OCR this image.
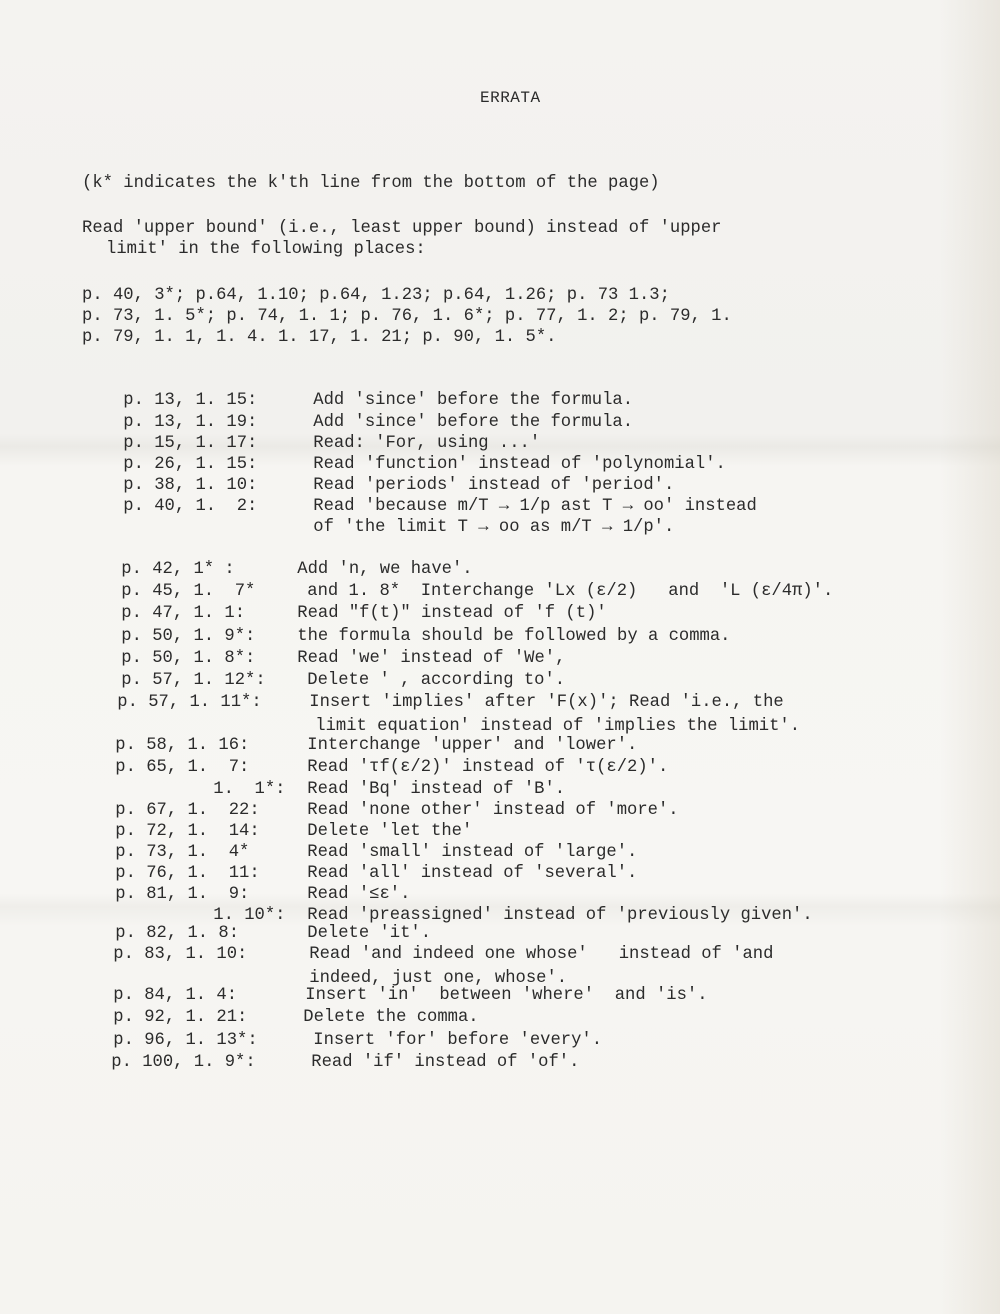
ERRATA
(k* indicates the k'th line from the bottom of the page)
Read 'upper bound' (i.e., least upper bound) instead of 'upper
limit' in the following places:
p. 40, 3*; p.64, 1.10; p.64, 1.23; p.64, 1.26; p. 73 1.3;
p. 73, 1. 5*; p. 74, 1. 1; p. 76, 1. 6*; p. 77, 1. 2; p. 79, 1.
p. 79, 1. 1, 1. 4. 1. 17, 1. 21; p. 90, 1. 5*.

p. 13, 1. 15:	Add 'since' before the formula.

p. 13, 1. 19:	Add 'since' before the formula.

p. 15, 1. 17:	Read: 'For, using ...'

p. 26, 1. 15:	Read 'function' instead of 'polynomial'.

p. 38, 1. 10:	Read 'periods' instead of 'period'.

p. 40, 1.  2:	Read 'because m/T → 1/p ast T → oo' instead

of 'the limit T → oo as m/T → 1/p'.

p. 42, 1* :	Add 'n, we have'.

p. 45, 1.  7*	and 1. 8*  Interchange 'Lx (ε/2)   and  'L (ε/4π)'.

p. 47, 1. 1:	Read "f(t)" instead of 'f (t)'

p. 50, 1. 9*: the formula should be followed by a comma.

p. 50, 1. 8*: Read 'we' instead of 'We',

p. 57, 1. 12*: Delete ' , according to'.

p. 57, 1. 11*:	Insert 'implies' after 'F(x)'; Read 'i.e., the

limit equation' instead of 'implies the limit'.

p. 58, 1. 16:	Interchange 'upper' and 'lower'.

p. 65, 1.  7:	Read 'τf(ε/2)' instead of 'τ(ε/2)'.

1.  1*: Read 'Bq' instead of 'B'.

p. 67, 1.  22:	Read 'none other' instead of 'more'.

p. 72, 1.  14:	Delete 'let the'

p. 73, 1.  4*	Read 'small' instead of 'large'.

p. 76, 1.  11:	Read 'all' instead of 'several'.

p. 81, 1.  9:	Read '≤ε'.

1. 10*: Read 'preassigned' instead of 'previously given'.

p. 82, 1. 8:	Delete 'it'.

p. 83, 1. 10:	Read 'and indeed one whose'   instead of 'and

indeed, just one, whose'.

p. 84, 1. 4:	Insert 'in'  between 'where'  and 'is'.

p. 92, 1. 21:	Delete the comma.

p. 96, 1. 13*:	Insert 'for' before 'every'.

p. 100, 1. 9*:	Read 'if' instead of 'of'.
